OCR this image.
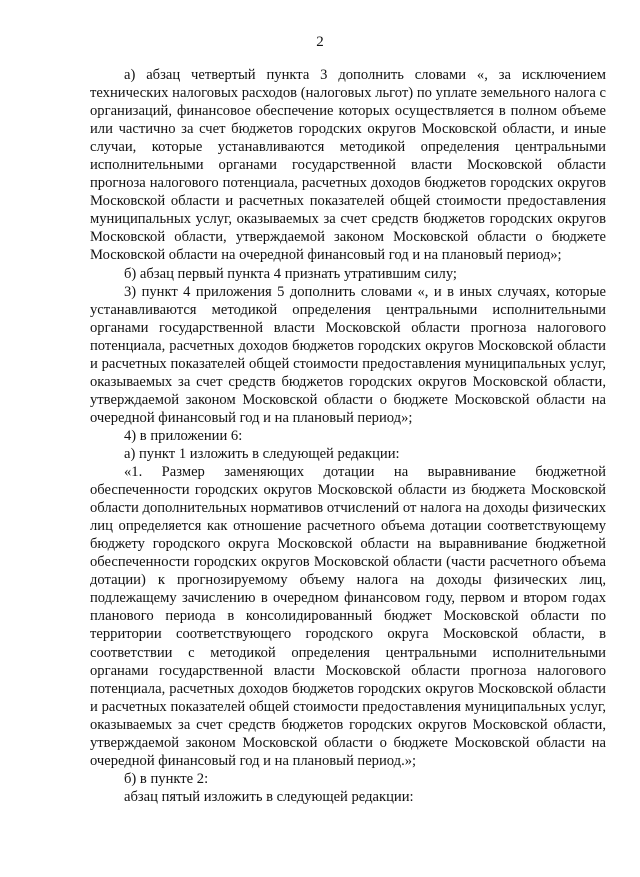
2

а) абзац четвертый пункта 3 дополнить словами «, за исключением технических налоговых расходов (налоговых льгот) по уплате земельного налога с организаций, финансовое обеспечение которых осуществляется в полном объеме или частично за счет бюджетов городских округов Московской области, и иные случаи, которые устанавливаются методикой определения центральными исполнительными органами государственной власти Московской области прогноза налогового потенциала, расчетных доходов бюджетов городских округов Московской области и расчетных показателей общей стоимости предоставления муниципальных услуг, оказываемых за счет средств бюджетов городских округов Московской области, утверждаемой законом Московской области о бюджете Московской области на очередной финансовый год и на плановый период»;

б) абзац первый пункта 4 признать утратившим силу;

3) пункт 4 приложения 5 дополнить словами «, и в иных случаях, которые устанавливаются методикой определения центральными исполнительными органами государственной власти Московской области прогноза налогового потенциала, расчетных доходов бюджетов городских округов Московской области и расчетных показателей общей стоимости предоставления муниципальных услуг, оказываемых за счет средств бюджетов городских округов Московской области, утверждаемой законом Московской области о бюджете Московской области на очередной финансовый год и на плановый период»;

4) в приложении 6:

а) пункт 1 изложить в следующей редакции:

«1. Размер заменяющих дотации на выравнивание бюджетной обеспеченности городских округов Московской области из бюджета Московской области дополнительных нормативов отчислений от налога на доходы физических лиц определяется как отношение расчетного объема дотации соответствующему бюджету городского округа Московской области на выравнивание бюджетной обеспеченности городских округов Московской области (части расчетного объема дотации) к прогнозируемому объему налога на доходы физических лиц, подлежащему зачислению в очередном финансовом году, первом и втором годах планового периода в консолидированный бюджет Московской области по территории соответствующего городского округа Московской области, в соответствии с методикой определения центральными исполнительными органами государственной власти Московской области прогноза налогового потенциала, расчетных доходов бюджетов городских округов Московской области и расчетных показателей общей стоимости предоставления муниципальных услуг, оказываемых за счет средств бюджетов городских округов Московской области, утверждаемой законом Московской области о бюджете Московской области на очередной финансовый год и на плановый период.»;

б) в пункте 2:

абзац пятый изложить в следующей редакции:
